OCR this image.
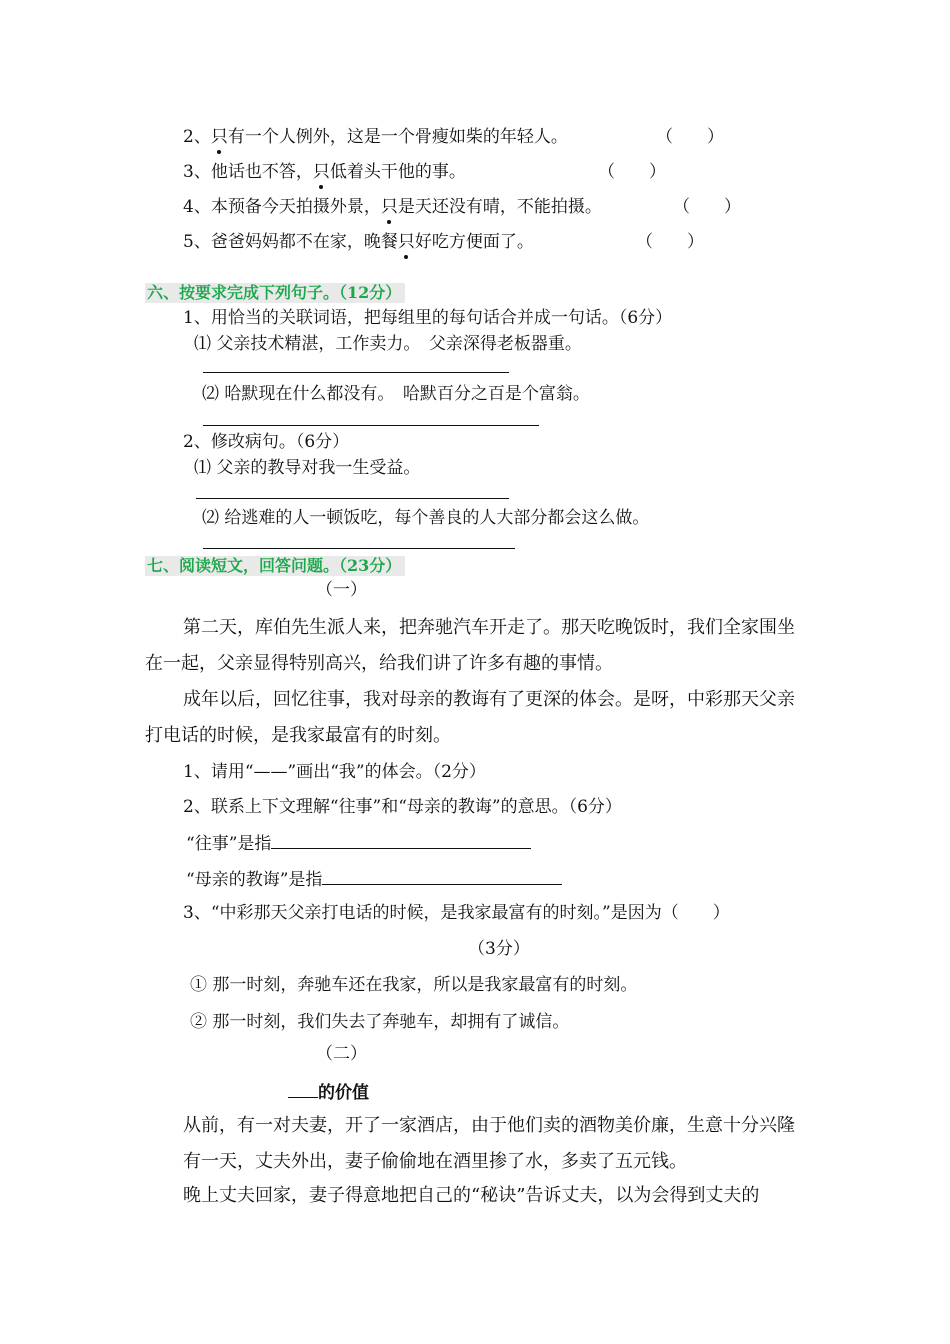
2、只有一个人例外，这是一个骨瘦如柴的年轻人。	（　　）
3、他话也不答，只低着头干他的事。	（　　）
4、本预备今天拍摄外景，只是天还没有晴，不能拍摄。	（　　）
5、爸爸妈妈都不在家，晚餐只好吃方便面了。	（　　）
六、按要求完成下列句子。（12分）
1、用恰当的关联词语，把每组里的每句话合并成一句话。（6分）
⑴ 父亲技术精湛，工作卖力。　父亲深得老板器重。
⑵ 哈默现在什么都没有。　哈默百分之百是个富翁。
2、修改病句。（6分）
⑴ 父亲的教导对我一生受益。
⑵ 给逃难的人一顿饭吃，每个善良的人大部分都会这么做。
七、阅读短文，回答问题。（23分）
（一）
第二天，库伯先生派人来，把奔驰汽车开走了。那天吃晚饭时，我们全家围坐
在一起，父亲显得特别高兴，给我们讲了许多有趣的事情。
成年以后，回忆往事，我对母亲的教诲有了更深的体会。是呀，中彩那天父亲
打电话的时候，是我家最富有的时刻。
1、请用“——”画出“我”的体会。（2分）
2、联系上下文理解“往事”和“母亲的教诲”的意思。（6分）
“往事”是指
“母亲的教诲”是指
3、“中彩那天父亲打电话的时候，是我家最富有的时刻。”是因为（　　）
（3分）
① 那一时刻，奔驰车还在我家，所以是我家最富有的时刻。
② 那一时刻，我们失去了奔驰车，却拥有了诚信。
（二）
的价值
从前，有一对夫妻，开了一家酒店，由于他们卖的酒物美价廉，生意十分兴隆
有一天，丈夫外出，妻子偷偷地在酒里掺了水，多卖了五元钱。
晚上丈夫回家，妻子得意地把自己的“秘诀”告诉丈夫，以为会得到丈夫的
